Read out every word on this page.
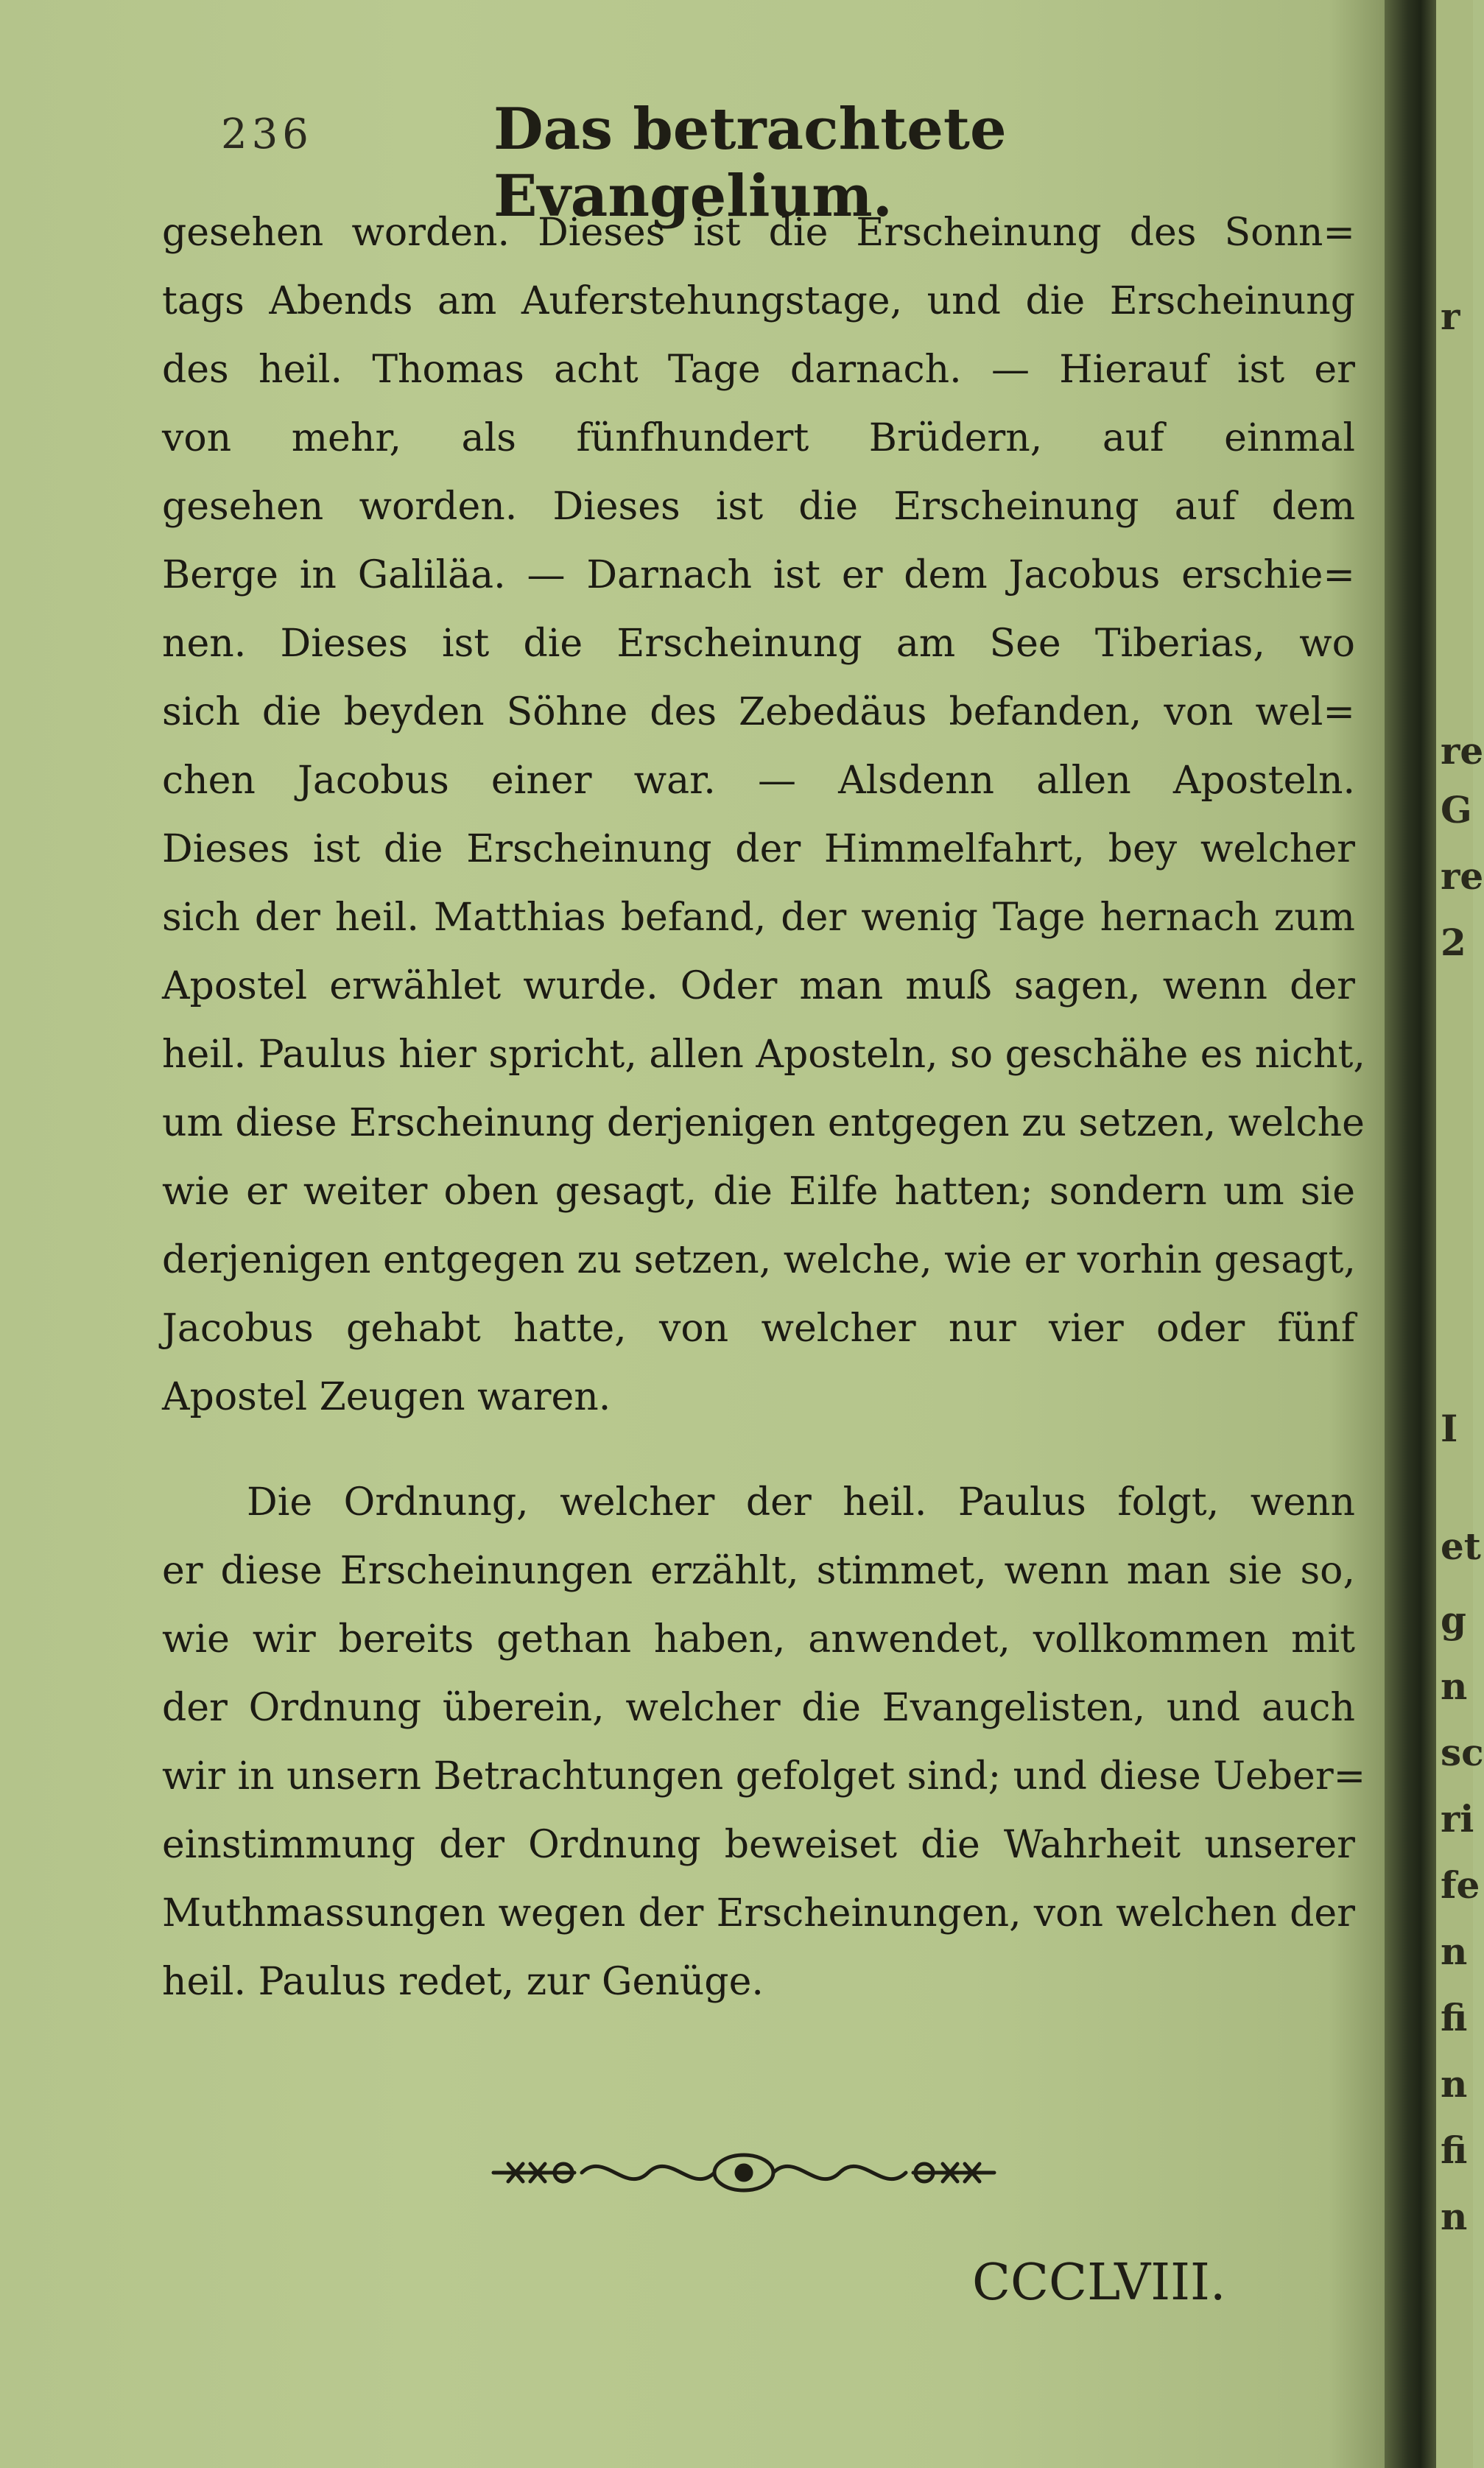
r
re
G
re
2
I
et
g
n
sc
ri
fe
n
fi
n
fi
n
236	Das betrachtete Evangelium.
gesehen worden. Dieses ist die Erscheinung des Sonn=
tags Abends am Auferstehungstage, und die Erscheinung
des heil. Thomas acht Tage darnach. — Hierauf ist er
von mehr, als fünfhundert Brüdern, auf einmal
gesehen worden. Dieses ist die Erscheinung auf dem
Berge in Galiläa. — Darnach ist er dem Jacobus erschie=
nen. Dieses ist die Erscheinung am See Tiberias, wo
sich die beyden Söhne des Zebedäus befanden, von wel=
chen Jacobus einer war. — Alsdenn allen Aposteln.
Dieses ist die Erscheinung der Himmelfahrt, bey welcher
sich der heil. Matthias befand, der wenig Tage hernach zum
Apostel erwählet wurde. Oder man muß sagen, wenn der
heil. Paulus hier spricht, allen Aposteln, so geschähe es nicht,
um diese Erscheinung derjenigen entgegen zu setzen, welche
wie er weiter oben gesagt, die Eilfe hatten; sondern um sie
derjenigen entgegen zu setzen, welche, wie er vorhin gesagt,
Jacobus gehabt hatte, von welcher nur vier oder fünf
Apostel Zeugen waren.
Die Ordnung, welcher der heil. Paulus folgt, wenn
er diese Erscheinungen erzählt, stimmet, wenn man sie so,
wie wir bereits gethan haben, anwendet, vollkommen mit
der Ordnung überein, welcher die Evangelisten, und auch
wir in unsern Betrachtungen gefolget sind; und diese Ueber=
einstimmung der Ordnung beweiset die Wahrheit unserer
Muthmassungen wegen der Erscheinungen, von welchen der
heil. Paulus redet, zur Genüge.
CCCLVIII.
